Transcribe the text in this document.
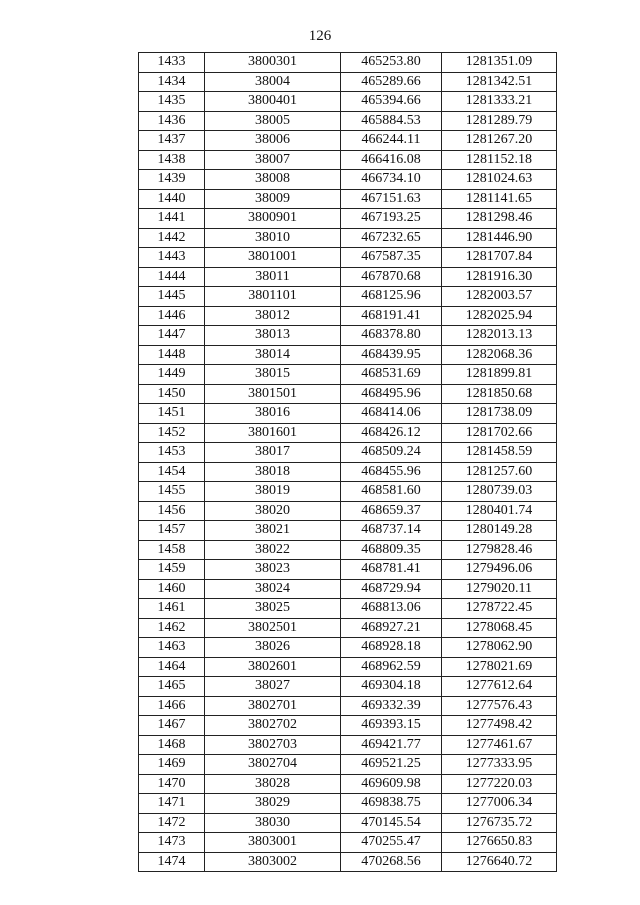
126
1433	3800301	465253.80	1281351.09
1434	38004	465289.66	1281342.51
1435	3800401	465394.66	1281333.21
1436	38005	465884.53	1281289.79
1437	38006	466244.11	1281267.20
1438	38007	466416.08	1281152.18
1439	38008	466734.10	1281024.63
1440	38009	467151.63	1281141.65
1441	3800901	467193.25	1281298.46
1442	38010	467232.65	1281446.90
1443	3801001	467587.35	1281707.84
1444	38011	467870.68	1281916.30
1445	3801101	468125.96	1282003.57
1446	38012	468191.41	1282025.94
1447	38013	468378.80	1282013.13
1448	38014	468439.95	1282068.36
1449	38015	468531.69	1281899.81
1450	3801501	468495.96	1281850.68
1451	38016	468414.06	1281738.09
1452	3801601	468426.12	1281702.66
1453	38017	468509.24	1281458.59
1454	38018	468455.96	1281257.60
1455	38019	468581.60	1280739.03
1456	38020	468659.37	1280401.74
1457	38021	468737.14	1280149.28
1458	38022	468809.35	1279828.46
1459	38023	468781.41	1279496.06
1460	38024	468729.94	1279020.11
1461	38025	468813.06	1278722.45
1462	3802501	468927.21	1278068.45
1463	38026	468928.18	1278062.90
1464	3802601	468962.59	1278021.69
1465	38027	469304.18	1277612.64
1466	3802701	469332.39	1277576.43
1467	3802702	469393.15	1277498.42
1468	3802703	469421.77	1277461.67
1469	3802704	469521.25	1277333.95
1470	38028	469609.98	1277220.03
1471	38029	469838.75	1277006.34
1472	38030	470145.54	1276735.72
1473	3803001	470255.47	1276650.83
1474	3803002	470268.56	1276640.72
